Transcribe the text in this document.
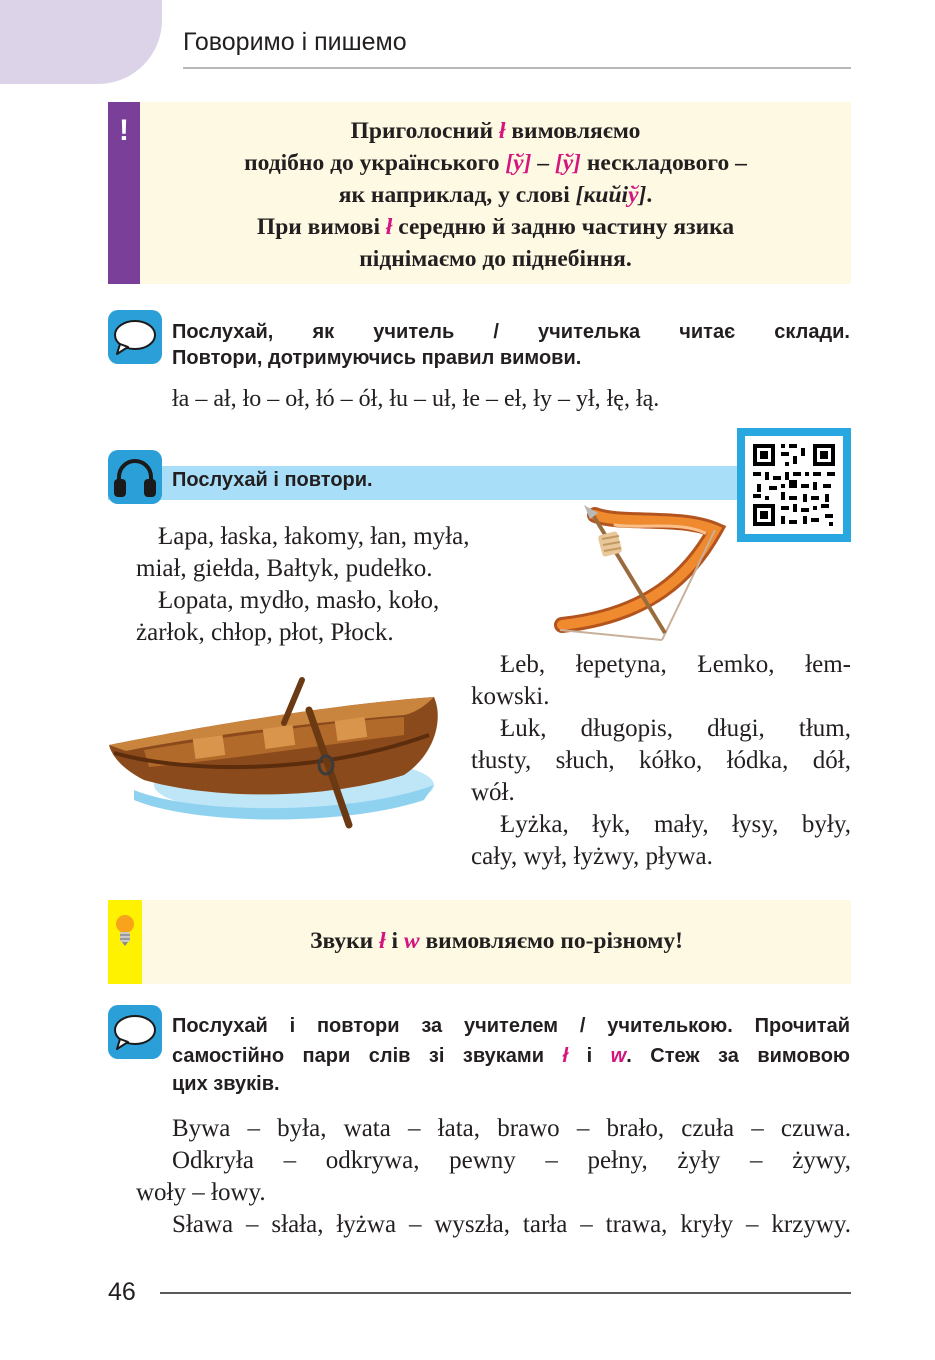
Говоримо і пишемо
!	Приголосний ł вимовляємо
подібно до українського [ў] – [ў] нескладового –
як наприклад, у слові [кийіў].
При вимові ł середню й задню частину язика
піднімаємо до піднебіння.
Послухай, як учитель / учителька читає склади.
Повтори, дотримуючись правил вимови.
ła – ał, ło – oł, łó – ół, łu – uł, łe – eł, ły – ył, łę, łą.
Послухай і повтори.
Łapa, łaska, łakomy, łan, myła,
miał, giełda, Bałtyk, pudełko.
Łopata, mydło, masło, koło,
żarłok, chłop, płot, Płock.
Łeb, łepetyna, Łemko, łem-
kowski.
Łuk, długopis, długi, tłum,
tłusty, słuch, kółko, łódka, dół,
wół.
Łyżka, łyk, mały, łysy, były,
cały, wył, łyżwy, pływa.
Звуки ł і w вимовляємо по-різному!
Послухай і повтори за учителем / учителькою. Прочитай
самостійно пари слів зі звуками ł і w. Стеж за вимовою
цих звуків.
Bywa – była, wata – łata, brawo – brało, czuła – czuwa.
Odkryła – odkrywa, pewny – pełny, żyły – żywy,
woły – łowy.
Sława – słała, łyżwa – wyszła, tarła – trawa, kryły – krzywy.
46
